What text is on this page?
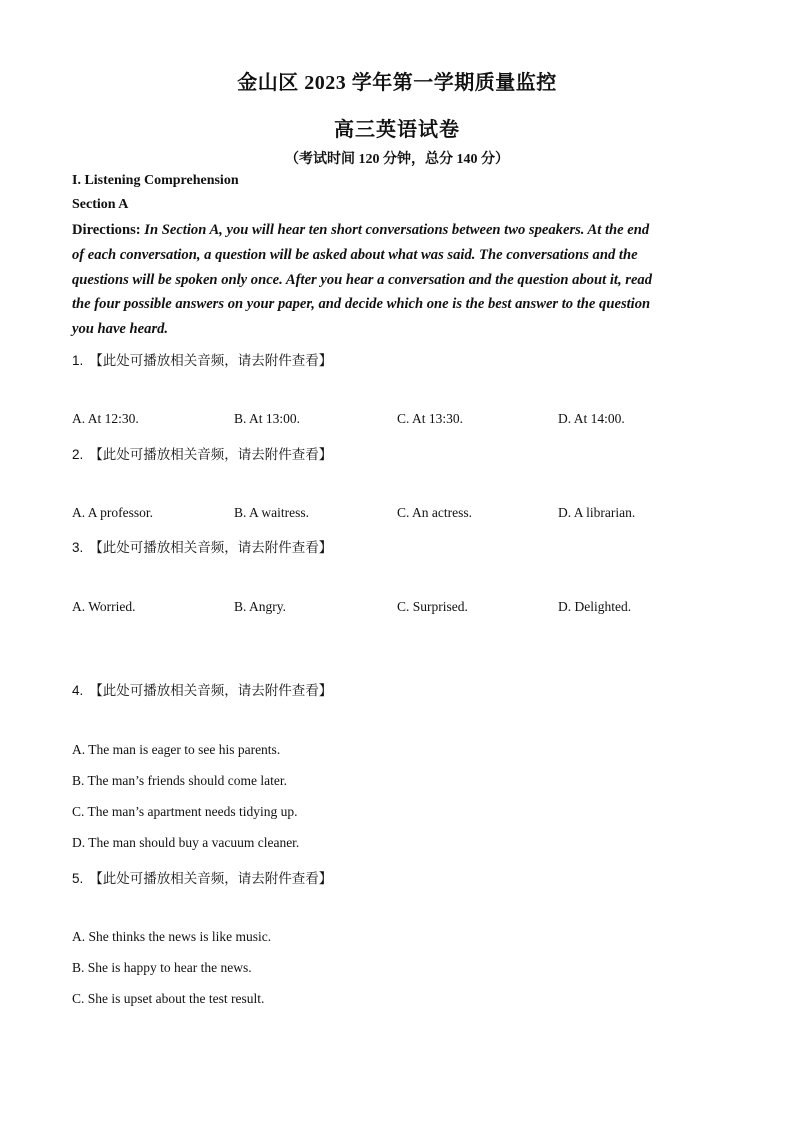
金山区 2023 学年第一学期质量监控
高三英语试卷
（考试时间 120 分钟，总分 140 分）
I. Listening Comprehension
Section A
Directions: In Section A, you will hear ten short conversations between two speakers. At the end
of each conversation, a question will be asked about what was said. The conversations and the
questions will be spoken only once. After you hear a conversation and the question about it, read
the four possible answers on your paper, and decide which one is the best answer to the question
you have heard.
1. 【此处可播放相关音频，请去附件查看】
A. At 12:30.	B. At 13:00.	C. At 13:30.	D. At 14:00.
2. 【此处可播放相关音频，请去附件查看】
A. A professor.	B. A waitress.	C. An actress.	D. A librarian.
3. 【此处可播放相关音频，请去附件查看】
A. Worried.	B. Angry.	C. Surprised.	D. Delighted.
4. 【此处可播放相关音频，请去附件查看】
A. The man is eager to see his parents.
B. The man’s friends should come later.
C. The man’s apartment needs tidying up.
D. The man should buy a vacuum cleaner.
5. 【此处可播放相关音频，请去附件查看】
A. She thinks the news is like music.
B. She is happy to hear the news.
C. She is upset about the test result.
